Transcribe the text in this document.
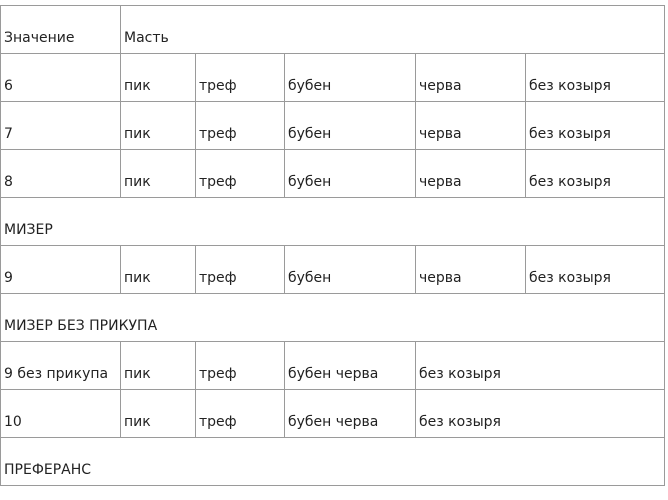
Значение	Масть				
6	пик	треф	бубен	черва	без козыря
7	пик	треф	бубен	черва	без козыря
8	пик	треф	бубен	черва	без козыря
МИЗЕР					
9	пик	треф	бубен	черва	без козыря
МИЗЕР БЕЗ ПРИКУПА					
9 без прикупа	пик	треф	бубен черва	без козыря	
10	пик	треф	бубен черва	без козыря	
ПРЕФЕРАНС					
